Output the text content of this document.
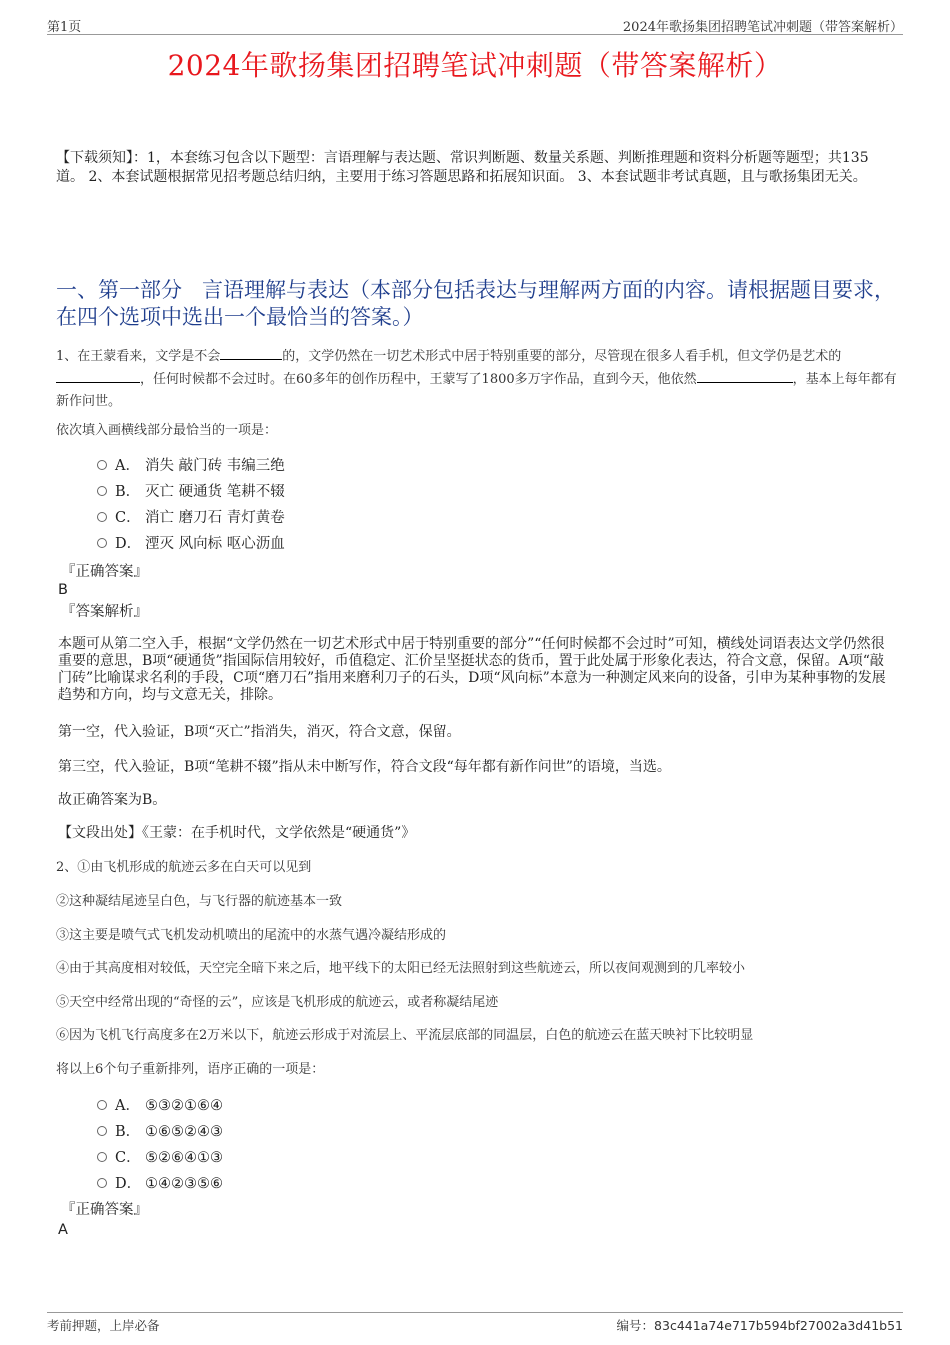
第1页	2024年歌扬集团招聘笔试冲刺题（带答案解析）
2024年歌扬集团招聘笔试冲刺题（带答案解析）
【下载须知】：1，本套练习包含以下题型：言语理解与表达题、常识判断题、数量关系题、判断推理题和资料分析题等题型；共135道。 2、本套试题根据常见招考题总结归纳，主要用于练习答题思路和拓展知识面。 3、本套试题非考试真题，且与歌扬集团无关。
一、第一部分 言语理解与表达（本部分包括表达与理解两方面的内容。请根据题目要求，在四个选项中选出一个最恰当的答案。）
1、在王蒙看来，文学是不会	的，文学仍然在一切艺术形式中居于特别重要的部分，尽管现在很多人看手机，但文学仍是艺术的
，任何时候都不会过时。在60多年的创作历程中，王蒙写了1800多万字作品，直到今天，他依然	，基本上每年都有新作问世。
依次填入画横线部分最恰当的一项是：
A． 消失 敲门砖 韦编三绝
B． 灭亡 硬通货 笔耕不辍
C． 消亡 磨刀石 青灯黄卷
D． 湮灭 风向标 呕心沥血
『正确答案』
B
『答案解析』
本题可从第二空入手，根据“文学仍然在一切艺术形式中居于特别重要的部分”“任何时候都不会过时”可知，横线处词语表达文学仍然很重要的意思，B项“硬通货”指国际信用较好，币值稳定、汇价呈坚挺状态的货币，置于此处属于形象化表达，符合文意，保留。A项“敲门砖”比喻谋求名利的手段，C项“磨刀石”指用来磨利刀子的石头，D项“风向标”本意为一种测定风来向的设备，引申为某种事物的发展趋势和方向，均与文意无关，排除。
第一空，代入验证，B项“灭亡”指消失，消灭，符合文意，保留。
第三空，代入验证，B项“笔耕不辍”指从未中断写作，符合文段“每年都有新作问世”的语境，当选。
故正确答案为B。
【文段出处】《王蒙：在手机时代，文学依然是“硬通货”》
2、①由飞机形成的航迹云多在白天可以见到
②这种凝结尾迹呈白色，与飞行器的航迹基本一致
③这主要是喷气式飞机发动机喷出的尾流中的水蒸气遇冷凝结形成的
④由于其高度相对较低，天空完全暗下来之后，地平线下的太阳已经无法照射到这些航迹云，所以夜间观测到的几率较小
⑤天空中经常出现的“奇怪的云”，应该是飞机形成的航迹云，或者称凝结尾迹
⑥因为飞机飞行高度多在2万米以下，航迹云形成于对流层上、平流层底部的同温层，白色的航迹云在蓝天映衬下比较明显
将以上6个句子重新排列，语序正确的一项是：
A． ⑤③②①⑥④
B． ①⑥⑤②④③
C． ⑤②⑥④①③
D． ①④②③⑤⑥
『正确答案』
A
考前押题，上岸必备	编号：83c441a74e717b594bf27002a3d41b51
